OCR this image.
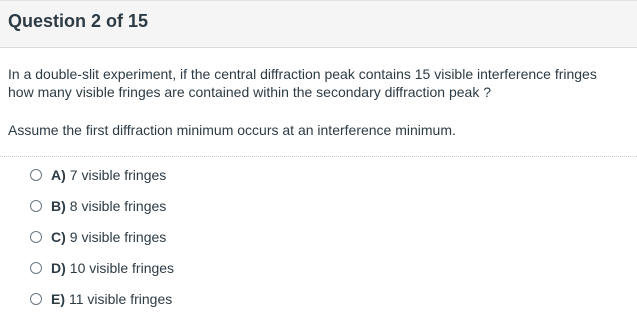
Question 2 of 15
In a double-slit experiment, if the central diffraction peak contains 15 visible interference fringes
how many visible fringes are contained within the secondary diffraction peak ?
Assume the first diffraction minimum occurs at an interference minimum.
A) 7 visible fringes
B) 8 visible fringes
C) 9 visible fringes
D) 10 visible fringes
E) 11 visible fringes
